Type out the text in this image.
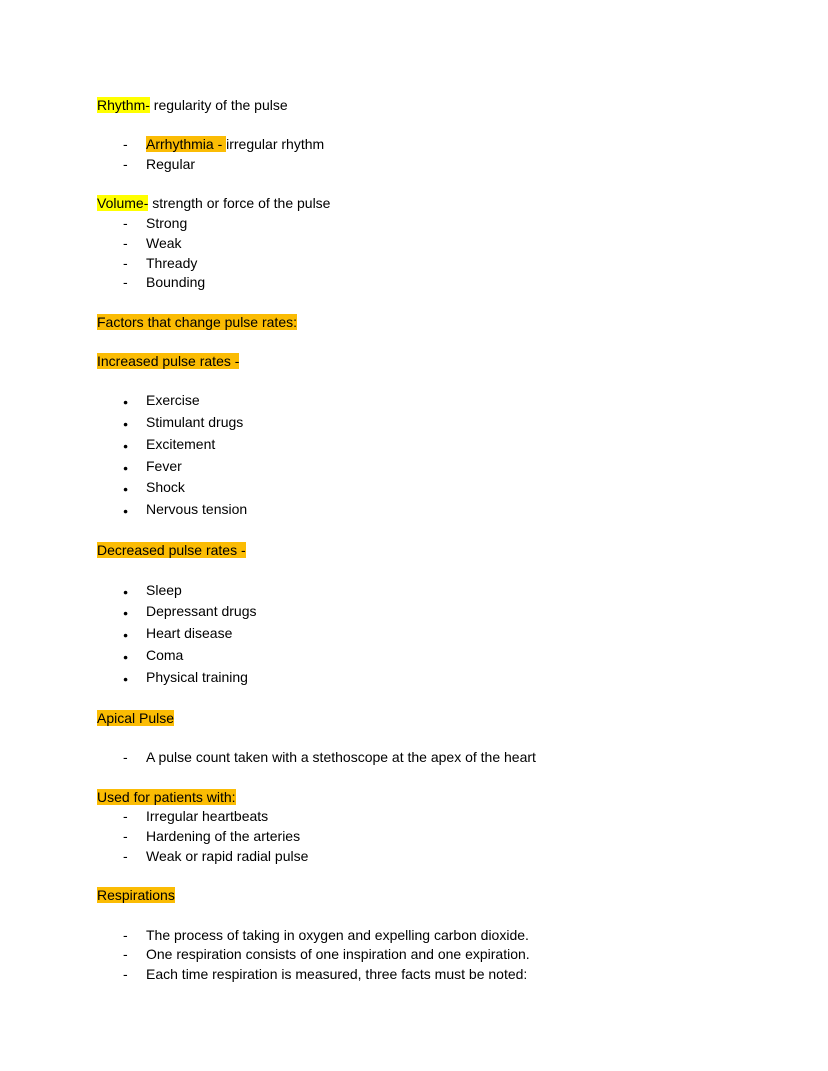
Rhythm- regularity of the pulse
-	Arrhythmia - irregular rhythm
-	Regular
Volume- strength or force of the pulse
-	Strong
-	Weak
-	Thready
-	Bounding
Factors that change pulse rates:
Increased pulse rates -
●	Exercise
●	Stimulant drugs
●	Excitement
●	Fever
●	Shock
●	Nervous tension
Decreased pulse rates -
●	Sleep
●	Depressant drugs
●	Heart disease
●	Coma
●	Physical training
Apical Pulse
-	A pulse count taken with a stethoscope at the apex of the heart
Used for patients with:
-	Irregular heartbeats
-	Hardening of the arteries
-	Weak or rapid radial pulse
Respirations
-	The process of taking in oxygen and expelling carbon dioxide.
-	One respiration consists of one inspiration and one expiration.
-	Each time respiration is measured, three facts must be noted:
